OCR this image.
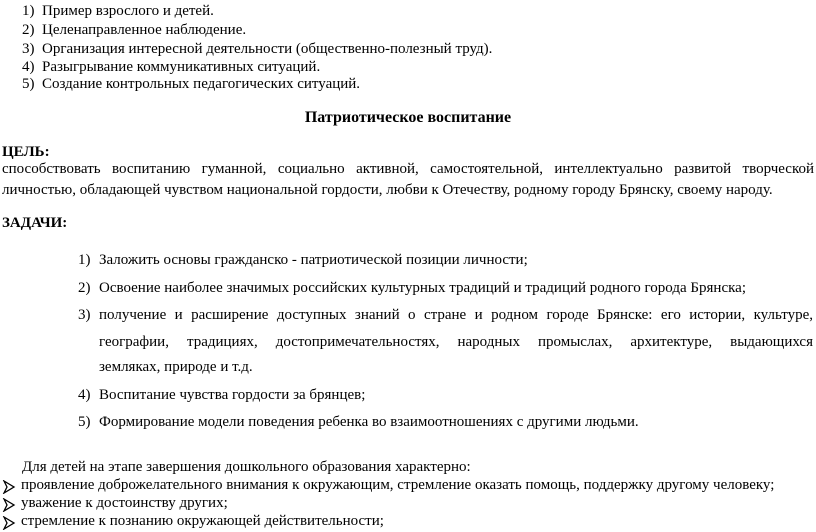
1) Пример взрослого и детей.
2) Целенаправленное наблюдение.
3) Организация интересной деятельности (общественно-полезный труд).
4) Разыгрывание коммуникативных ситуаций.
5) Создание контрольных педагогических ситуаций.
Патриотическое воспитание
ЦЕЛЬ:
способствовать воспитанию гуманной, социально активной, самостоятельной, интеллектуально развитой творческой
личностью, обладающей чувством национальной гордости, любви к Отечеству, родному городу Брянску, своему народу.
ЗАДАЧИ:
1) Заложить основы гражданско - патриотической позиции личности;
2) Освоение наиболее значимых российских культурных традиций и традиций родного города Брянска;
3) получение и расширение доступных знаний о стране и родном городе Брянске: его истории, культуре,
географии, традициях, достопримечательностях, народных промыслах, архитектуре, выдающихся
земляках, природе и т.д.
4) Воспитание чувства гордости за брянцев;
5) Формирование модели поведения ребенка во взаимоотношениях с другими людьми.
Для детей на этапе завершения дошкольного образования характерно:
проявление доброжелательного внимания к окружающим, стремление оказать помощь, поддержку другому человеку;
уважение к достоинству других;
стремление к познанию окружающей действительности;
